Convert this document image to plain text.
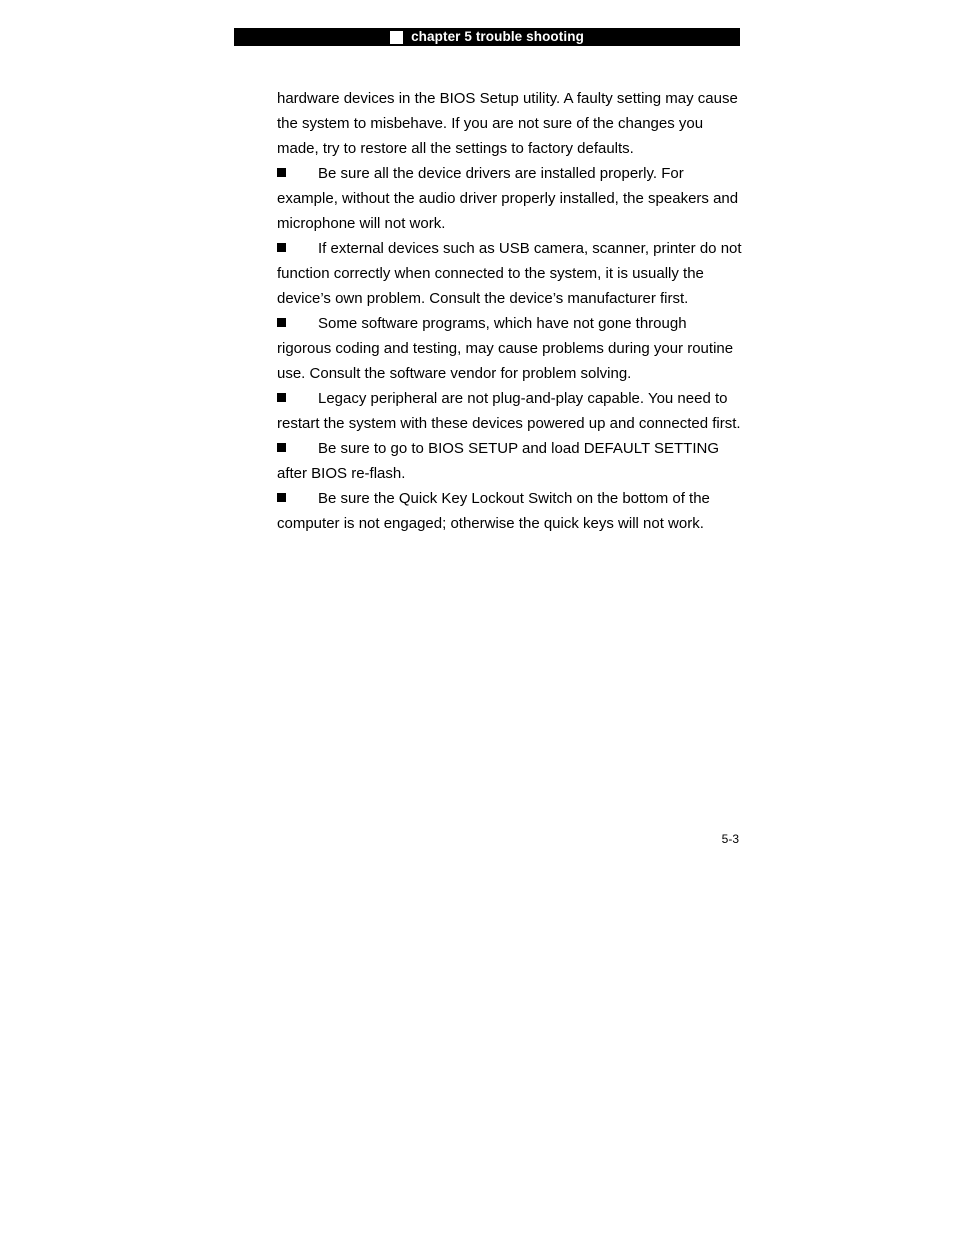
chapter 5 trouble shooting

hardware devices in the BIOS Setup utility. A faulty setting may cause the system to misbehave. If you are not sure of the changes you made, try to restore all the settings to factory defaults.

Be sure all the device drivers are installed properly. For example, without the audio driver properly installed, the speakers and microphone will not work.

If external devices such as USB camera, scanner, printer do not function correctly when connected to the system, it is usually the device’s own problem. Consult the device’s manufacturer first.

Some software programs, which have not gone through rigorous coding and testing, may cause problems during your routine use. Consult the software vendor for problem solving.

Legacy peripheral are not plug-and-play capable. You need to restart the system with these devices powered up and connected first.

Be sure to go to BIOS SETUP and load DEFAULT SETTING after BIOS re-flash.

Be sure the Quick Key Lockout Switch on the bottom of the computer is not engaged; otherwise the quick keys will not work.

5-3
